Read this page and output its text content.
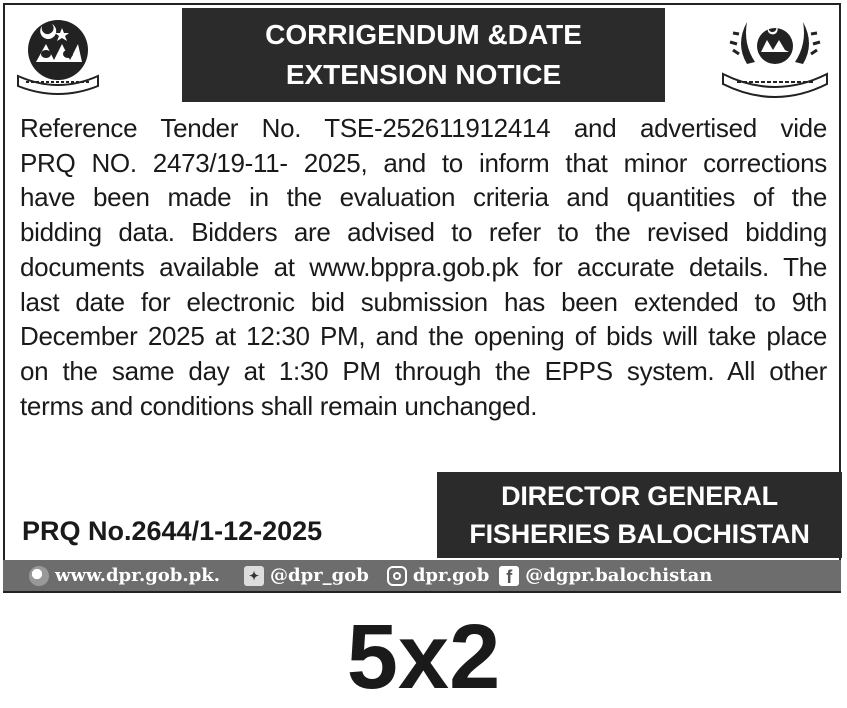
CORRIGENDUM &DATE
EXTENSION NOTICE
Reference Tender No. TSE-252611912414 and advertised vide
PRQ NO. 2473/19-11- 2025, and to inform that minor corrections
have been made in the evaluation criteria and quantities of the
bidding data. Bidders are advised to refer to the revised bidding
documents available at www.bppra.gob.pk for accurate details. The
last date for electronic bid submission has been extended to 9th
December 2025 at 12:30 PM, and the opening of bids will take place
on the same day at 1:30 PM through the EPPS system. All other
terms and conditions shall remain unchanged.
DIRECTOR GENERAL
FISHERIES BALOCHISTAN
PRQ No.2644/1-12-2025
www.dpr.gob.pk.	✦ @dpr_gob dpr.gob f @dgpr.balochistan
5x2
